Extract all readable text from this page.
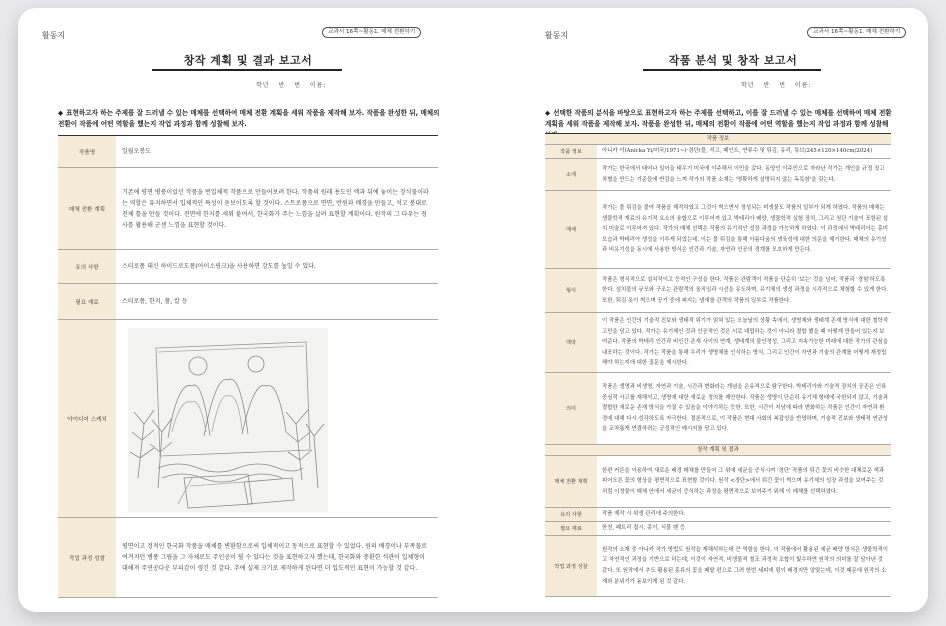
활동지	교과서 16쪽~활동1. 매체 전환하기
창작 계획 및 결과 보고서
학년 반 번 이름:
◆ 표현하고자 하는 주제를 잘 드러낼 수 있는 매체를 선택하여 매체 전환 계획을 세워 작품을 제작해 보자. 작품을 완성한 뒤, 매체의 전환이 작품에 어떤 역할을 했는지 작업 과정과 함께 성찰해 보자.
작품명	일월오봉도
매체 전환 계획
기존에 평면 병풍이었던 작품을 번입체적 작품으로 만들어보려 한다. 작품의 원래 용도인 액과 뒤에 놓이는 장식물이라는 역할은 유지하면서 입체적인 특성이 돋보이도록 할 것이다. 스트로폼으로 면면, 반원과 배경을 만들고, 석고 붕대로 전체 틀을 만들 것이다. 전면에 한지를 새워 붙여서, 한국화가 주는 느낌을 살려 표현할 계획이다. 원작의 그 다우는 청사를 활용해 군센 느낌을 표현할 것이다.
유의 사항	스티로폼 대신 하이드로도폼(아이소핑크)을 사용하면 강도를 높일 수 있다.
필요 재료	스티로폼, 한지, 풀, 칼 등
아이디어 스케치
작업 과정 성찰
평면이고 정적인 한국화 작품을 매체를 변환함으로써 입체적이고 동적으로 표현할 수 있었다. 원의 배경이나 부족물로 여겨지던 병풍 그림을 그 자체로도 주인공이 될 수 있다는 것을 표현하고자 했는데, 한국화와 중환한 석관이 입체형이 대해져 주연공다운 부피감이 생긴 것 같다. 추에 실제 크기로 제작하게 된다면 더 입도적인 표현이 가능할 것 같다.
활동지	교과서 16쪽~활동1. 매체 전환하기
작품 분석 및 창작 보고서
학년 반 번 이름:
◆ 선택한 작품의 분석을 바탕으로 표현하고자 하는 주제를 선택하고, 이를 잘 드러낼 수 있는 매체를 선택하여 매체 전환 계획을 세워 작품을 제작해 보자. 작품을 완성한 뒤, 매체의 전환이 작품에 어떤 역할을 했는지 작업 과정과 함께 성찰해
작품 정보
작품 정보	아니카 이(Anicka Yi/미국/1971~)·경단(풀, 석고, 페인트, 연류수 및 튀김, 유리, 튜브/245×120×140cm/2024)
소재
작가는 한국에서 태어나 일어을 태우기 미국에 이주해서 이민을 갔다. 동양인 이주민으로 자라난 작가는 개인을 규정 짓고 차별을 만드는 기준들에 반감을 느껴 작가의 작품 소재는 '명확하게 설명되지 않는 독특함'을 갖는다.
매체
작가는 풀 튀김을 붙여 작품을 제작하였고 그것이 썩으면서 정성되는 미생물도 작품의 일부가 되게 하였다. 작품의 매체는 생물학적 재료의 유기적 요소의 융합으로 이루어져 있고 박테리아 배양, 생물학적 실험 장치, 그리고 첨단 기술이 포함된 설치 미술로 이루어져 있다. 작가의 매체 선택은 작품의 유기적인 성장 과정을 가능하게 하였다. 이 과정에서 박테리아는 흥미 모습과 박테리아 생성을 이루게 되었는데, 이는 풀 튀김을 통해 아름다움의 생육성에 대한 의문을 제기한다. 매체의 유기성과 비유기성을 동시에 사용한 방식은 인간과 기술, 자연과 인공의 경계를 모호하게 만든다.
형식
작품은 형식적으로 설치작이고 등적인 구성을 한다. 작품은 관람객이 작품을 단순히 '보는' 것을 넘어, 작품과 '경험'하도록 한다. 설치물의 규모와 구조는 관람객의 움직임과 시선을 유도하며, 유기체의 생성 과정을 시각적으로 체험할 수 있게 한다. 또한, 튀김 옷이 썩으며 공기 중에 퍼지는 냄새를 관객의 작품의 일부로 작품한다.
맥락
이 작품은 인간의 기술적 진보와 생태적 위기가 얽혀 있는 오늘날의 상황 속에서, 생명체와 생태계 존재 방식에 대한 철학적 고민을 담고 있다. 작가는 유기체인 것과 인공적인 것은 서로 대립하는 것이 아니라 결합 했을 때 어떻게 만들어 있는지 보여준다. 작품의 박테리 인간과 비인간 존재 사이의 연계, 생태계의 불안정성, 그리고 지속가능한 미래에 대한 작가의 관심을 내포하는 것이다. 작가는 작품을 통해 우리가 생명체를 인식하는 방식, 그리고 인간이 자연과 기술의 관계를 어떻게 재정립해야 하는지에 대한 질문을 제시한다.
의미
작품은 생명과 비생명, 자연과 기술, 시간과 변화라는 개념을 은유적으로 탐구한다. 박테리아와 기술적 장치의 공존은 인류 중심적 사고를 재해석고, 생명에 대한 새로운 정의를 제안한다. 작품은 생명이 단순히 유기체 형태에 국한되지 않고, 기술과 결합한 새로운 존재 방식을 가질 수 있음을 이야기하는 듯한. 또한, 시간이 지남에 따라 변화하는 작품은 인간이 자연과 환경에 대해 다시 성각하도록 자극한다. 결론적으로, 이 작품은 현대 사회의 복잡성을 반영하며, 기술적 진보와 생태적 연관성을 교차롭게 연결하려는 긍정적인 메시지를 담고 있다.
창작 계획 및 결과
매체 전환 계획
한편 커튼을 이용하여 새로운 배경 매체를 만들어 그 위에 세균을 증식시켜 '경단' 작품의 튀긴 꽃의 비슷한 대체로운 색과 피어오른 꽃의 형상을 평면적으로 표현할 것이다. 원작 <경단>에서 튀긴 꽃이 썩으며 유기체의 성장 과정을 보여주는 것처럼 이정물이 매체 안에서 세균이 증식하는 과정을 평면적으로 보여주기 위해 이 매체를 선택하였다.
유의 사항	작품 제작 시 위생 관리에 주의한다.
필요 재료	한천, 페트리 접시, 종이, 식물 펜 등
작업 과정 성찰
원작의 소재 중 아니카 작가 방법도 원작을 재해석하는데 큰 역할을 한다. 이 작품에서 활용된 세균 배양 방식은 생물학적이고 자연적인 과정을 기반으로 하는데, 이것이 자연적, 비생물적 철조 과정적 조합이 빛수하면 원작의 의미를 잘 담아낸 것 같다. 또 원작에서 추도 활용된 흥류의 꽃을 페탈 편으로 그려 한번 세피에 펑이 배경지만 알맞는데, 이것 때문에 원작의 소재와 분위기가 돋보이게 된 것 같다.
